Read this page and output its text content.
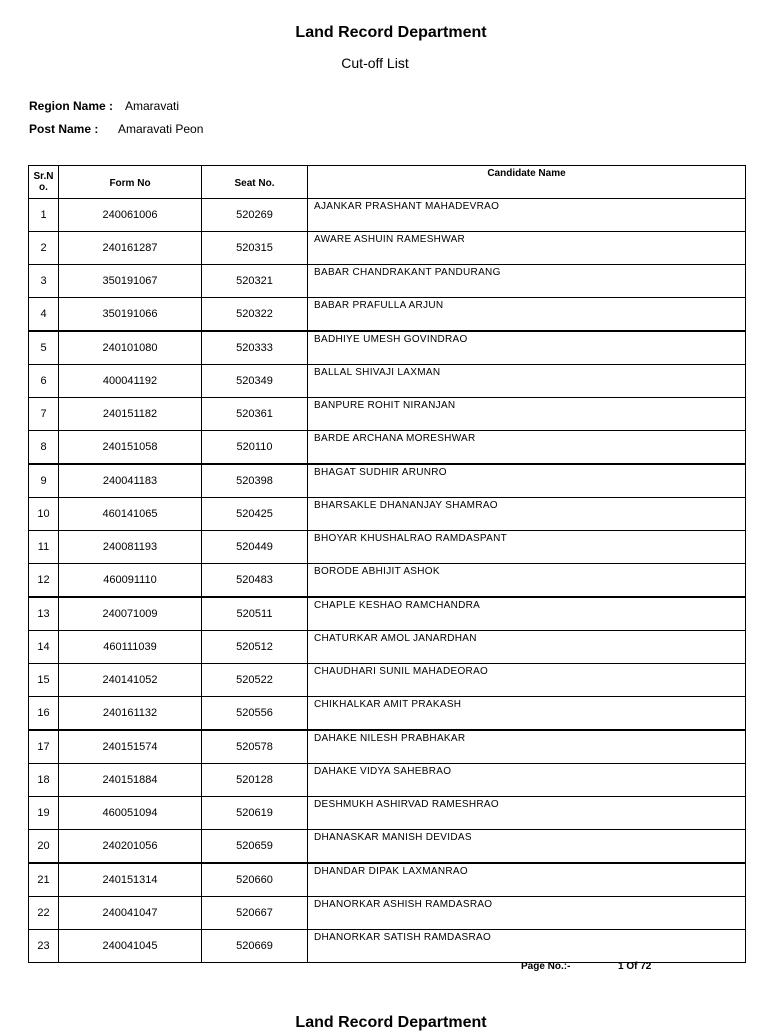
Land Record Department
Cut-off List
Region Name : Amaravati
Post Name : Amaravati Peon
Sr.N o.	Form No	Seat No.	Candidate Name
1	240061006	520269	AJANKAR PRASHANT MAHADEVRAO
2	240161287	520315	AWARE ASHUIN RAMESHWAR
3	350191067	520321	BABAR CHANDRAKANT PANDURANG
4	350191066	520322	BABAR PRAFULLA ARJUN
5	240101080	520333	BADHIYE UMESH GOVINDRAO
6	400041192	520349	BALLAL SHIVAJI LAXMAN
7	240151182	520361	BANPURE ROHIT NIRANJAN
8	240151058	520110	BARDE ARCHANA MORESHWAR
9	240041183	520398	BHAGAT SUDHIR ARUNRO
10	460141065	520425	BHARSAKLE DHANANJAY SHAMRAO
11	240081193	520449	BHOYAR KHUSHALRAO RAMDASPANT
12	460091110	520483	BORODE ABHIJIT ASHOK
13	240071009	520511	CHAPLE KESHAO RAMCHANDRA
14	460111039	520512	CHATURKAR AMOL JANARDHAN
15	240141052	520522	CHAUDHARI SUNIL MAHADEORAO
16	240161132	520556	CHIKHALKAR AMIT PRAKASH
17	240151574	520578	DAHAKE NILESH PRABHAKAR
18	240151884	520128	DAHAKE VIDYA SAHEBRAO
19	460051094	520619	DESHMUKH ASHIRVAD RAMESHRAO
20	240201056	520659	DHANASKAR MANISH DEVIDAS
21	240151314	520660	DHANDAR DIPAK LAXMANRAO
22	240041047	520667	DHANORKAR ASHISH RAMDASRAO
23	240041045	520669	DHANORKAR SATISH RAMDASRAO
Page No.:-	1 Of 72
Land Record Department
